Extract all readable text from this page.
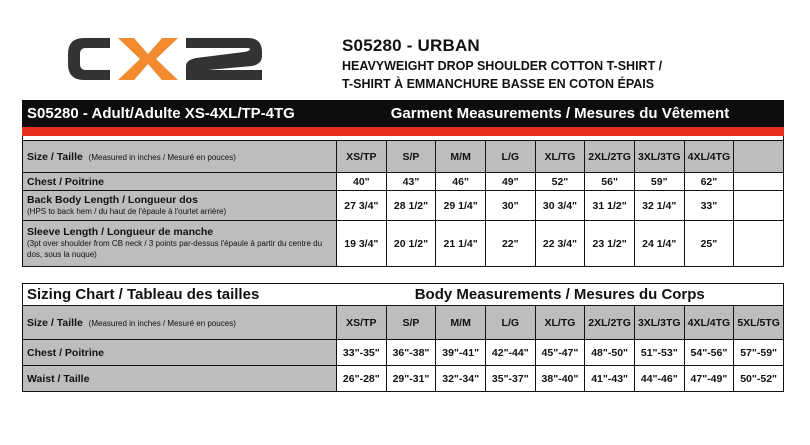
S05280 - URBAN
HEAVYWEIGHT DROP SHOULDER COTTON T-SHIRT /
T-SHIRT À EMMANCHURE BASSE EN COTON ÉPAIS
S05280 - Adult/Adulte XS-4XL/TP-4TG	Garment Measurements / Mesures du Vêtement								

Size / Taille (Measured in inches / Mesuré en pouces)	XS/TP	S/P	M/M	L/G	XL/TG	2XL/2TG	3XL/3TG	4XL/4TG	
Chest / Poitrine	40"	43"	46"	49"	52"	56"	59"	62"	

Back Body Length / Longueur dos
(HPS to back hem / du haut de l'épaule à l'ourlet arrière)	27 3/4"	28 1/2"	29 1/4"	30"	30 3/4"	31 1/2"	32 1/4"	33"	

Sleeve Length / Longueur de manche
(3pt over shoulder from CB neck / 3 points par-dessus l'épaule à partir du centre du dos, sous la nuque)	19 3/4"	20 1/2"	21 1/4"	22"	22 3/4"	23 1/2"	24 1/4"	25"	
Sizing Chart / Tableau des tailles	Body Measurements / Mesures du Corps								
Size / Taille (Measured in inches / Mesuré en pouces)	XS/TP	S/P	M/M	L/G	XL/TG	2XL/2TG	3XL/3TG	4XL/4TG	5XL/5TG
Chest / Poitrine	33"-35"	36"-38"	39"-41"	42"-44"	45"-47"	48"-50"	51"-53"	54"-56"	57"-59"
Waist / Taille	26"-28"	29"-31"	32"-34"	35"-37"	38"-40"	41"-43"	44"-46"	47"-49"	50"-52"
